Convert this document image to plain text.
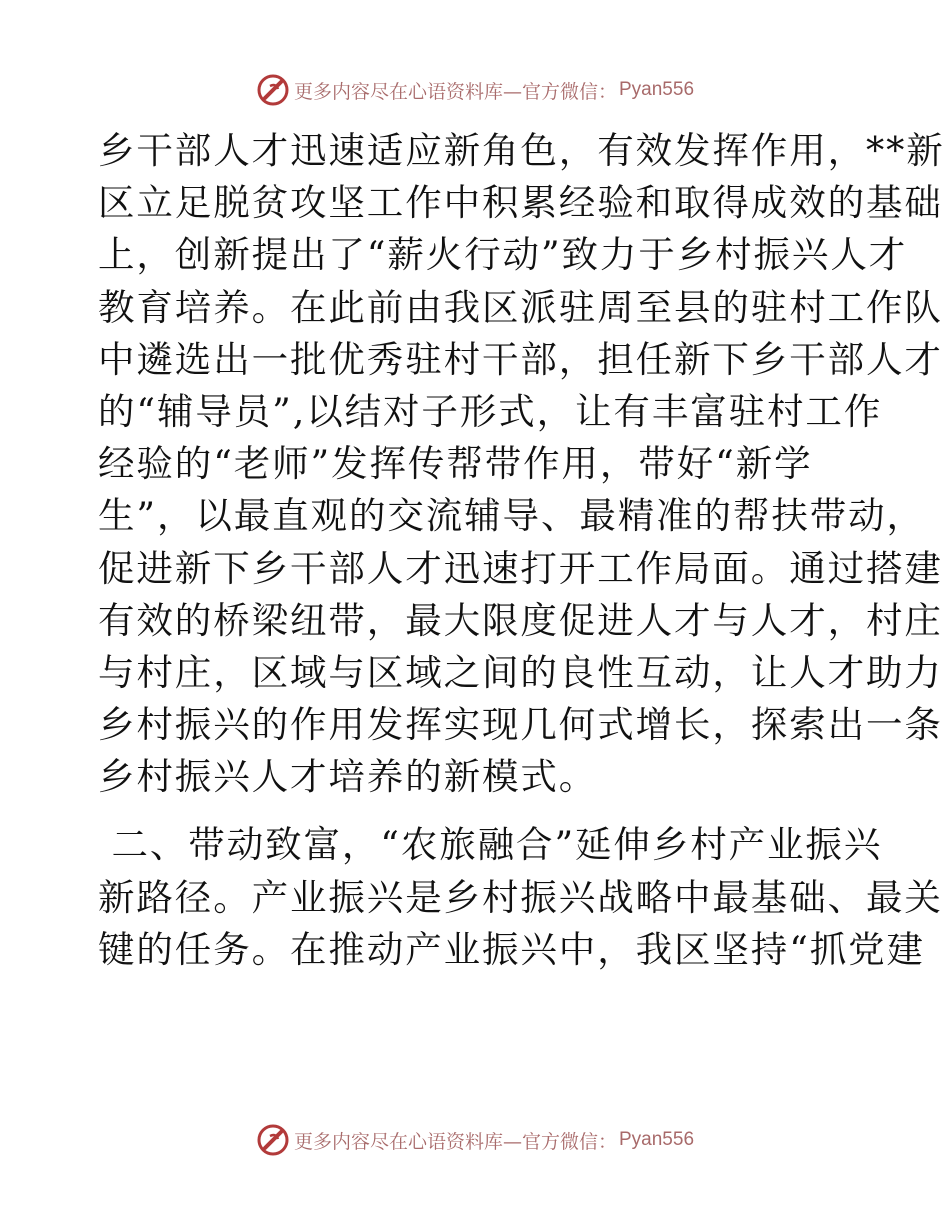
更多内容尽在心语资料库—官方微信： Pyan556
乡干部人才迅速适应新角色，有效发挥作用，**新
区立足脱贫攻坚工作中积累经验和取得成效的基础
上，创新提出了“薪火行动”致力于乡村振兴人才
教育培养。在此前由我区派驻周至县的驻村工作队
中遴选出一批优秀驻村干部，担任新下乡干部人才
的“辅导员”,以结对子形式，让有丰富驻村工作
经验的“老师”发挥传帮带作用，带好“新学
生”，以最直观的交流辅导、最精准的帮扶带动，
促进新下乡干部人才迅速打开工作局面。通过搭建
有效的桥梁纽带，最大限度促进人才与人才，村庄
与村庄，区域与区域之间的良性互动，让人才助力
乡村振兴的作用发挥实现几何式增长，探索出一条
乡村振兴人才培养的新模式。
二、带动致富，“农旅融合”延伸乡村产业振兴
新路径。产业振兴是乡村振兴战略中最基础、最关
键的任务。在推动产业振兴中，我区坚持“抓党建
更多内容尽在心语资料库—官方微信： Pyan556
